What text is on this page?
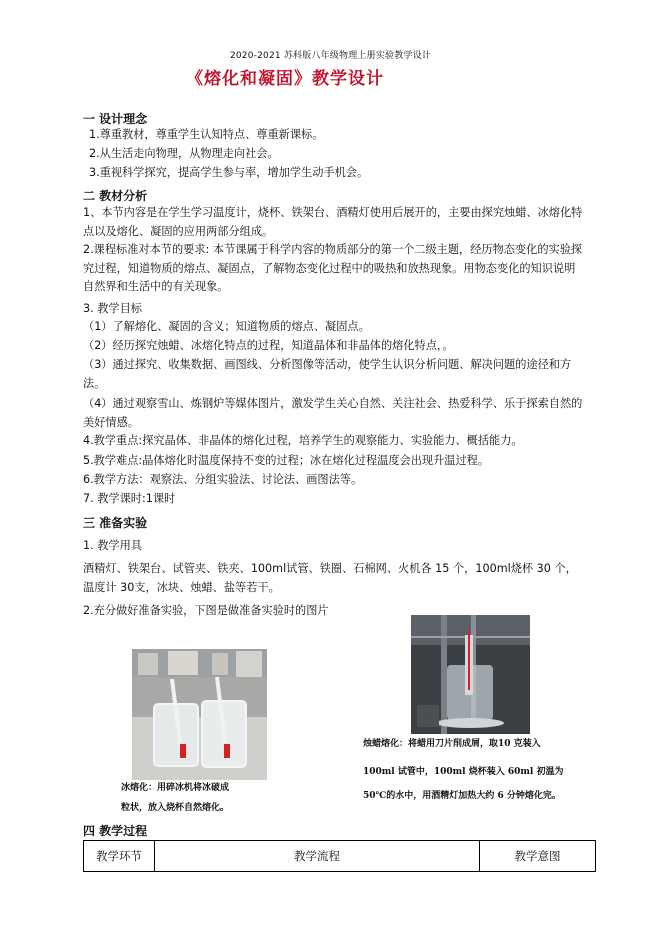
2020-2021 苏科版八年级物理上册实验教学设计
《熔化和凝固》教学设计
一 设计理念
1.尊重教材，尊重学生认知特点、尊重新课标。
2.从生活走向物理，从物理走向社会。
3.重视科学探究，提高学生参与率，增加学生动手机会。
二 教材分析
1、本节内容是在学生学习温度计，烧杯、铁架台、酒精灯使用后展开的，主要由探究烛蜡、冰熔化特点以及熔化、凝固的应用两部分组成。
2.课程标准对本节的要求: 本节课属于科学内容的物质部分的第一个二级主题，经历物态变化的实验探究过程，知道物质的熔点、凝固点，了解物态变化过程中的吸热和放热现象。用物态变化的知识说明自然界和生活中的有关现象。
3. 教学目标
（1）了解熔化、凝固的含义；知道物质的熔点、凝固点。
（2）经历探究烛蜡、冰熔化特点的过程，知道晶体和非晶体的熔化特点，。
（3）通过探究、收集数据、画图线、分析图像等活动，使学生认识分析问题、解决问题的途径和方法。
（4）通过观察雪山、炼钢炉等媒体图片，激发学生关心自然、关注社会、热爱科学、乐于探索自然的美好情感。
4.教学重点:探究晶体、非晶体的熔化过程，培养学生的观察能力、实验能力、概括能力。
5.教学难点:晶体熔化时温度保持不变的过程；冰在熔化过程温度会出现升温过程。
6.教学方法：观察法、分组实验法、讨论法、画图法等。
7. 教学课时:1课时
三 准备实验
1. 教学用具
酒精灯、铁架台、试管夹、铁夹、100ml试管、铁圈、石棉网、火机各 15 个，100ml烧杯 30 个，温度计 30支，冰块、烛蜡、盐等若干。
2.充分做好准备实验，下图是做准备实验时的图片
冰熔化：用碎冰机将冰破成
粒状，放入烧杯自然熔化。
烛蜡熔化：将蜡用刀片削成屑，取10 克装入
100ml 试管中，100ml 烧杯装入 60ml 初温为
50℃的水中，用酒精灯加热大约 6 分钟熔化完。
四 教学过程
教学环节	教学流程	教学意图
